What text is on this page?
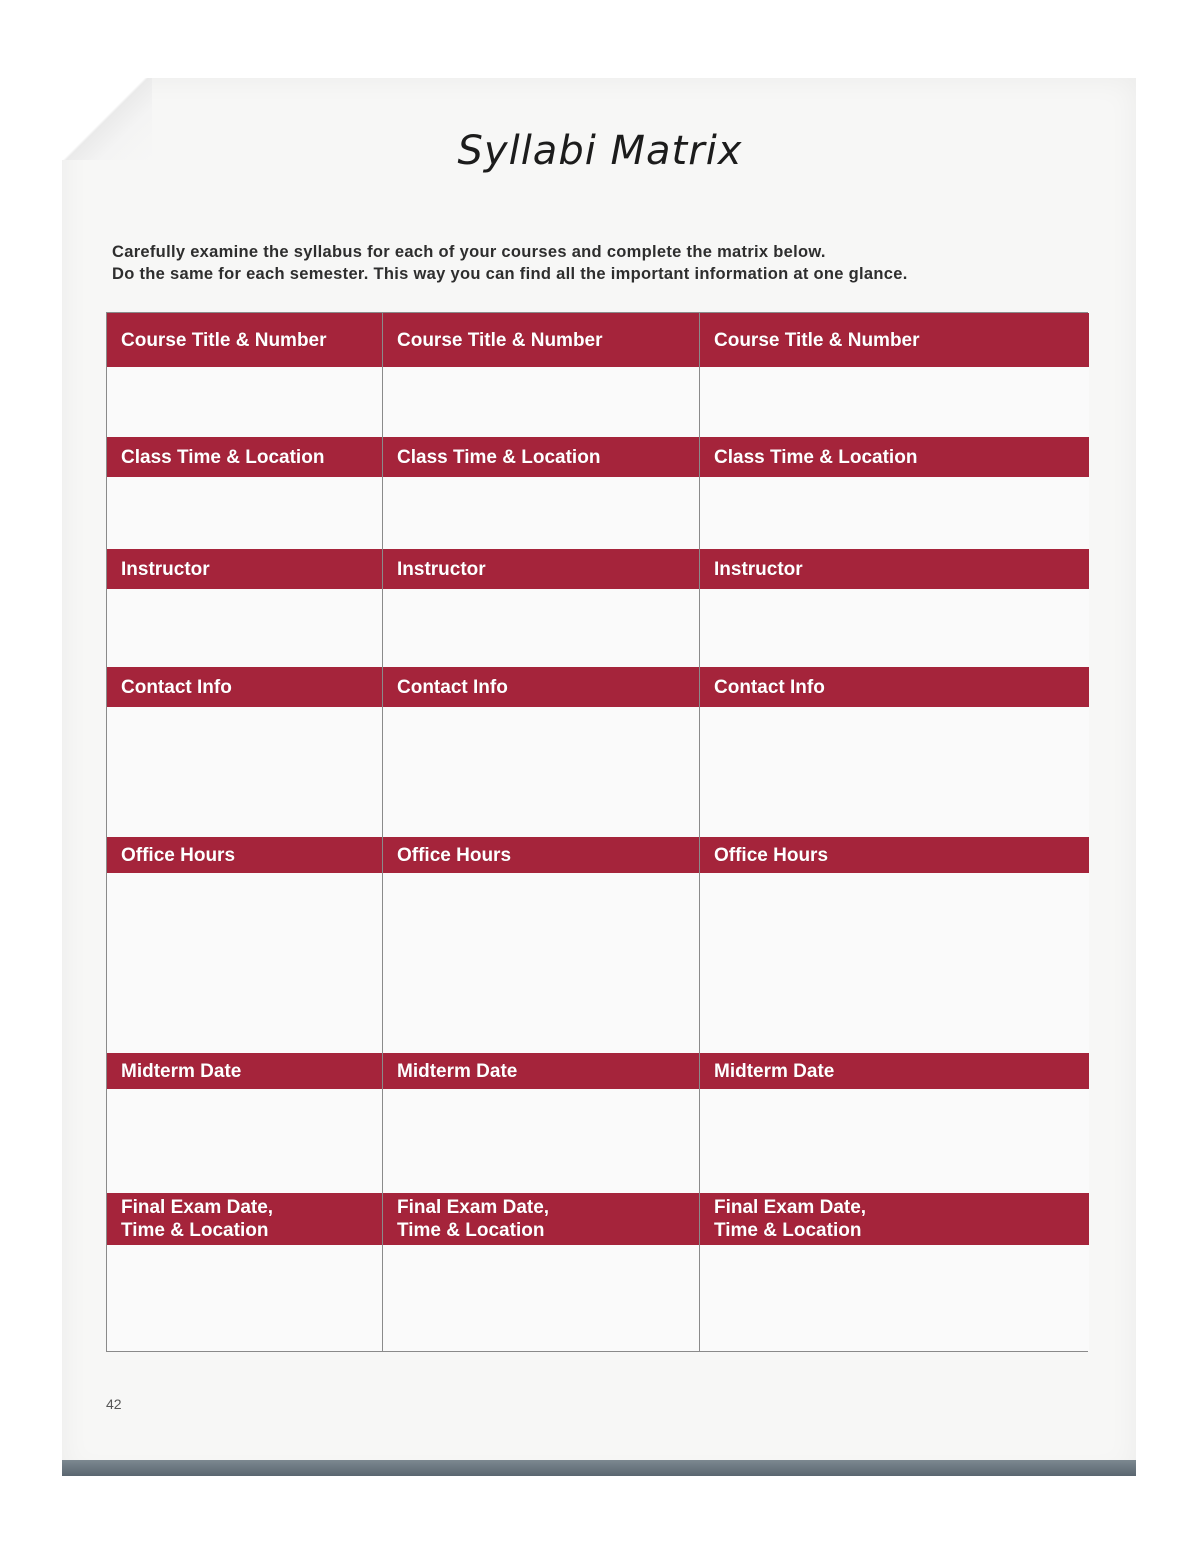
Syllabi Matrix
Carefully examine the syllabus for each of your courses and complete the matrix below.
Do the same for each semester. This way you can find all the important information at one glance.
Course Title & Number
Class Time & Location
Instructor
Contact Info
Office Hours
Midterm Date
Final Exam Date,
Time & Location
Course Title & Number
Class Time & Location
Instructor
Contact Info
Office Hours
Midterm Date
Final Exam Date,
Time & Location
Course Title & Number
Class Time & Location
Instructor
Contact Info
Office Hours
Midterm Date
Final Exam Date,
Time & Location
42
